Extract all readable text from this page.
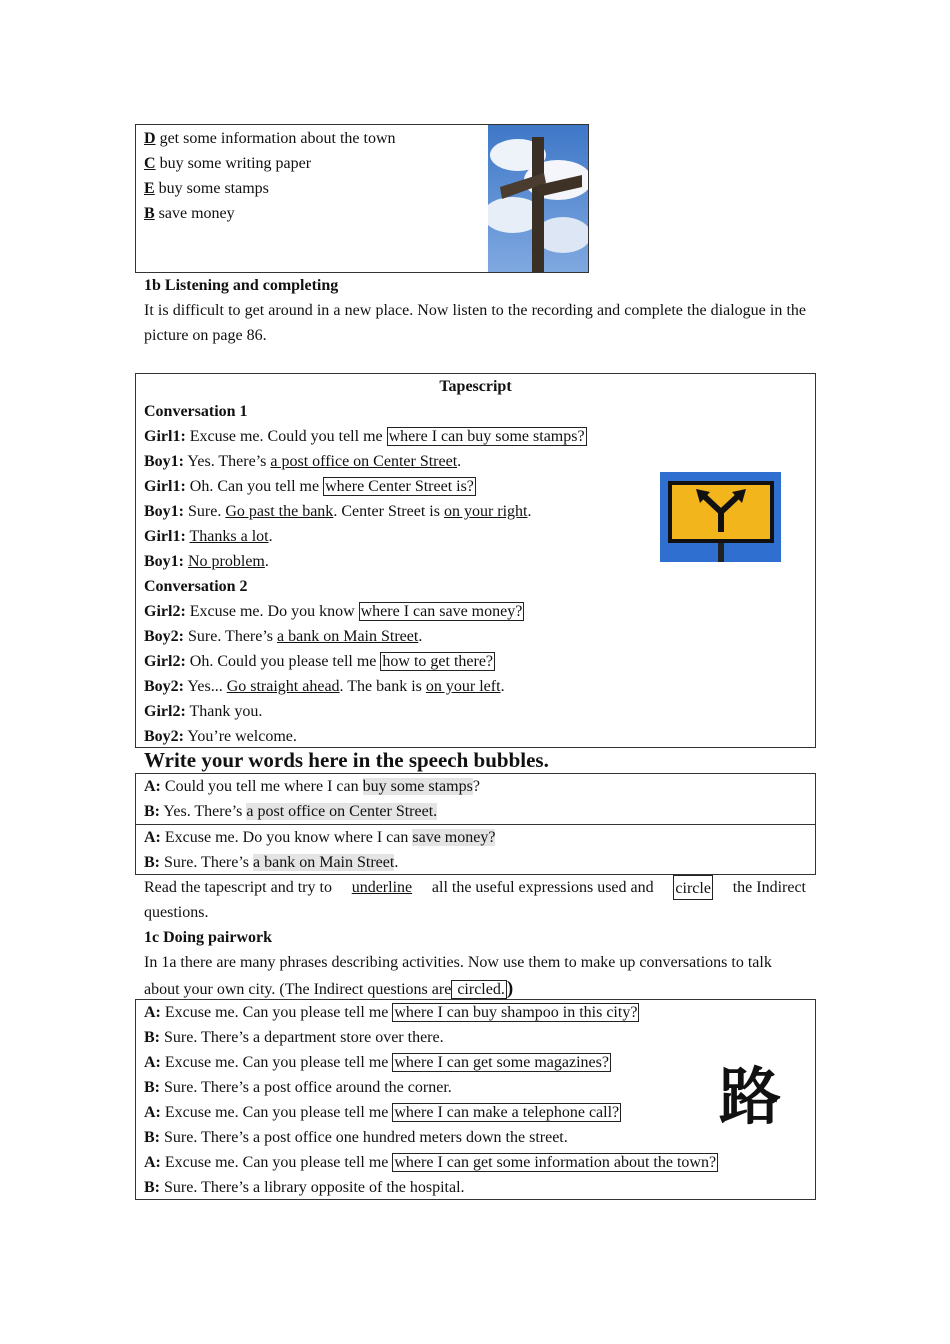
D get some information about the town
C buy some writing paper
E buy some stamps
B save money
1b Listening and completing
It is difficult to get around in a new place. Now listen to the recording and complete the dialogue in the picture on page 86.
Tapescript
Conversation 1
Girl1: Excuse me. Could you tell me where I can buy some stamps?
Boy1: Yes. There’s a post office on Center Street.
Girl1: Oh. Can you tell me where Center Street is?
Boy1: Sure. Go past the bank. Center Street is on your right.
Girl1: Thanks a lot.
Boy1: No problem.
Conversation 2
Girl2: Excuse me. Do you know where I can save money?
Boy2: Sure. There’s a bank on Main Street.
Girl2: Oh. Could you please tell me how to get there?
Boy2: Yes... Go straight ahead. The bank is on your left.
Girl2: Thank you.
Boy2: You’re welcome.
Write your words here in the speech bubbles.
A: Could you tell me where I can buy some stamps?
B: Yes. There’s a post office on Center Street.
A: Excuse me. Do you know where I can save money?
B: Sure. There’s a bank on Main Street.
Read the tapescript and try to underline all the useful expressions used and circle the Indirect
questions.
1c Doing pairwork
In 1a there are many phrases describing activities. Now use them to make up conversations to talk
about your own city. (The Indirect questions are circled. )
A: Excuse me. Can you please tell me where I can buy shampoo in this city?
B: Sure. There’s a department store over there.
A: Excuse me. Can you please tell me where I can get some magazines?
B: Sure. There’s a post office around the corner.
A: Excuse me. Can you please tell me where I can make a telephone call?
B: Sure. There’s a post office one hundred meters down the street.
A: Excuse me. Can you please tell me where I can get some information about the town?
B: Sure. There’s a library opposite of the hospital.
路
